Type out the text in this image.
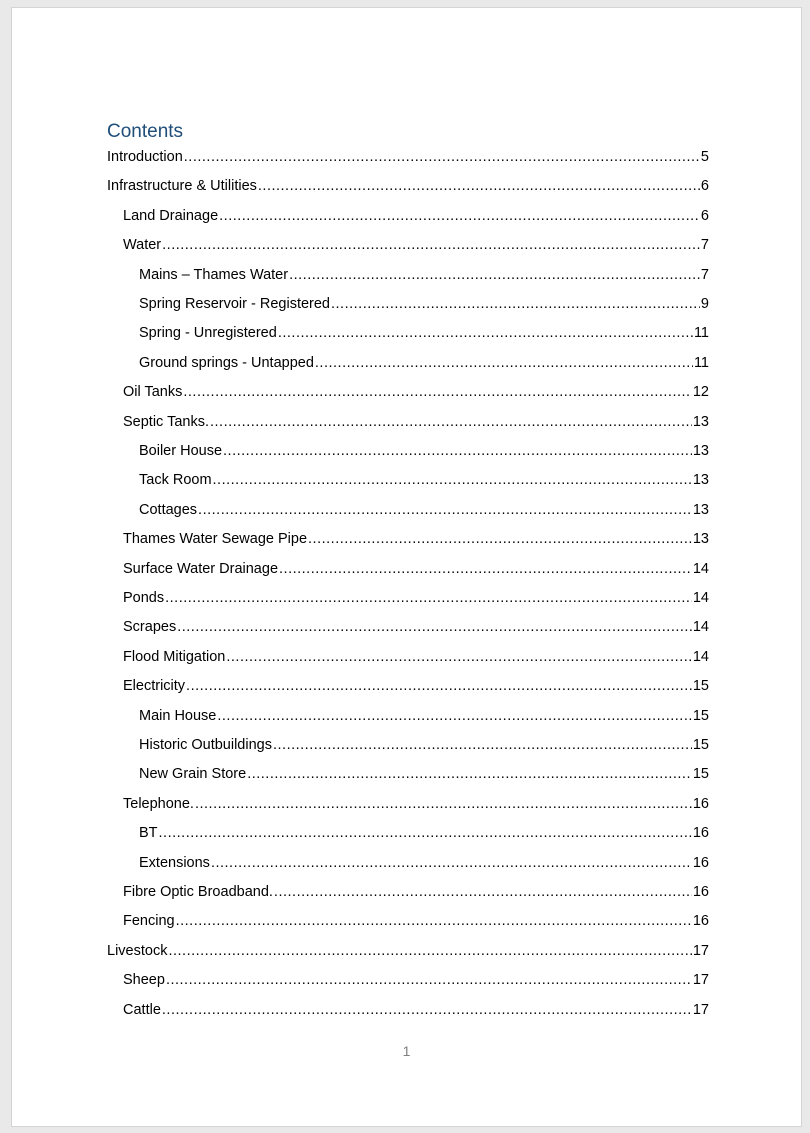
Contents
Introduction .....	5
Infrastructure & Utilities .....	6
Land Drainage .....	6
Water .....	7
Mains – Thames Water .....	7
Spring Reservoir - Registered .....	9
Spring - Unregistered .....	11
Ground springs - Untapped .....	11
Oil Tanks .....	12
Septic Tanks. .....	13
Boiler House .....	13
Tack Room .....	13
Cottages .....	13
Thames Water Sewage Pipe .....	13
Surface Water Drainage .....	14
Ponds .....	14
Scrapes .....	14
Flood Mitigation .....	14
Electricity .....	15
Main House .....	15
Historic Outbuildings .....	15
New Grain Store .....	15
Telephone. .....	16
BT .....	16
Extensions .....	16
Fibre Optic Broadband. .....	16
Fencing .....	16
Livestock .....	17
Sheep .....	17
Cattle .....	17
1
